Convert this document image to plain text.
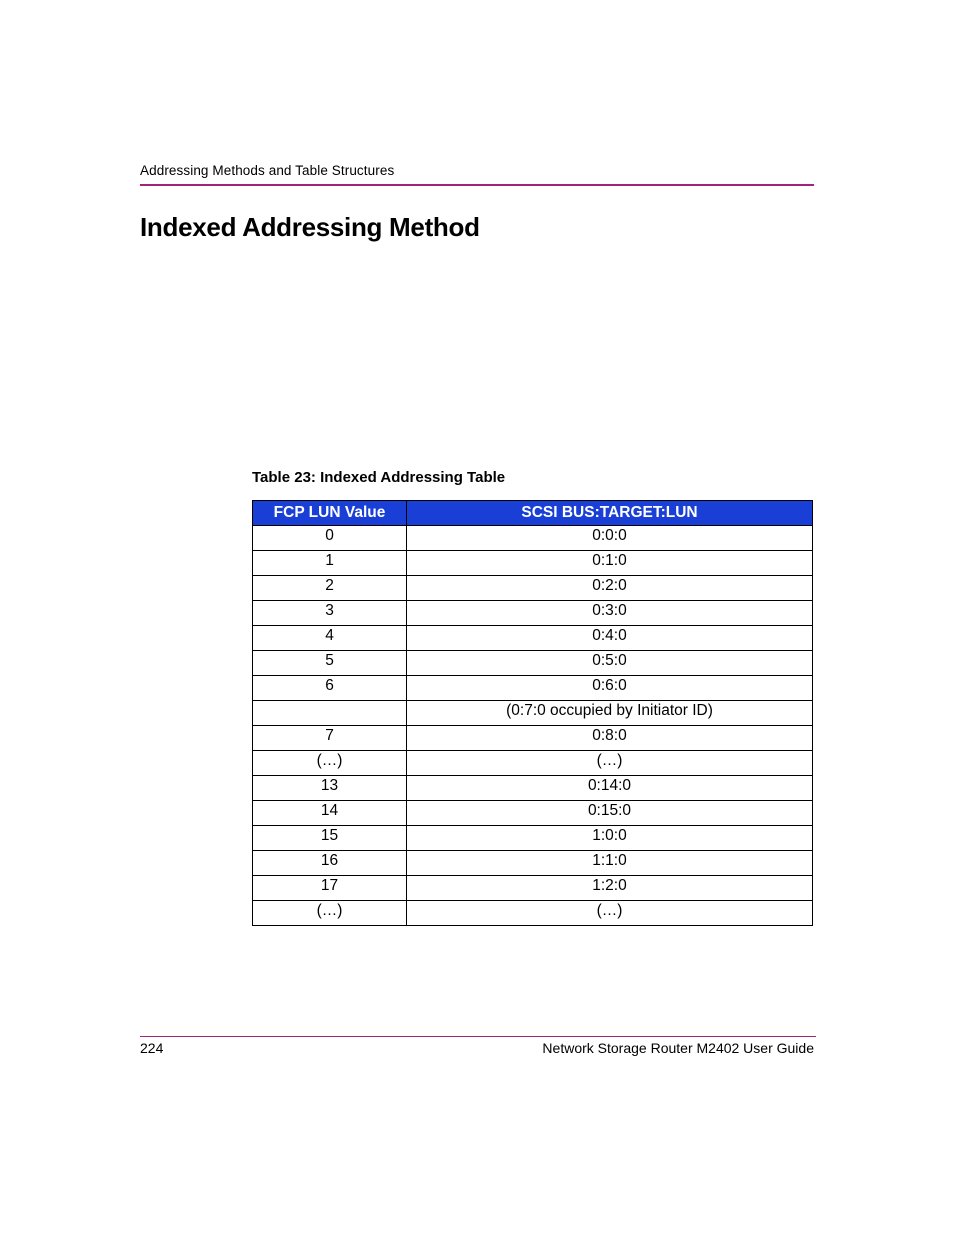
Addressing Methods and Table Structures
Indexed Addressing Method
Table 23: Indexed Addressing Table
FCP LUN Value	SCSI BUS:TARGET:LUN
0	0:0:0
1	0:1:0
2	0:2:0
3	0:3:0
4	0:4:0
5	0:5:0
6	0:6:0
	(0:7:0 occupied by Initiator ID)
7	0:8:0
(…)	(…)
13	0:14:0
14	0:15:0
15	1:0:0
16	1:1:0
17	1:2:0
(…)	(…)
224	Network Storage Router M2402 User Guide
